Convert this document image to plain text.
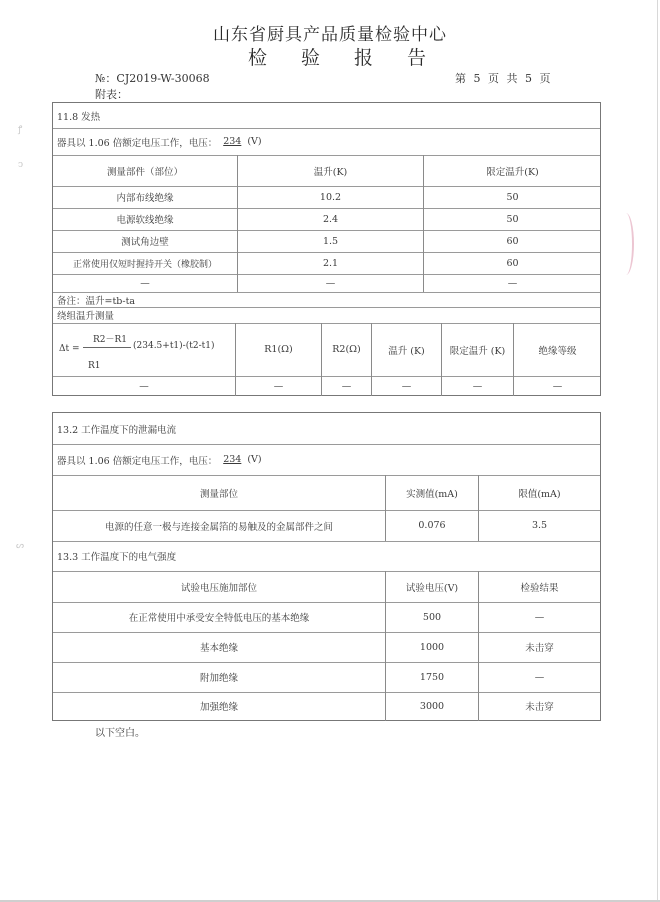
山东省厨具产品质量检验中心
检 验 报 告
№：CJ2019-W-30068	第 5 页 共 5 页
附表：
11.8 发热
器具以 1.06 倍额定电压工作，电压： 234 (V)
测量部件（部位）	温升(K)	限定温升(K)
内部布线绝缘	10.2	50
电源软线绝缘	2.4	50
测试角边壁	1.5	60
正常使用仅短时握持开关（橡胶制）	2.1	60
—	—	—
备注：温升=tb-ta
绕组温升测量
Δt =
R2－R1
(234.5+t1)-(t2-t1)
R1
R1(Ω)	R2(Ω)	温升 (K)	限定温升 (K)	绝缘等级
—	—	—	—	—	—
13.2 工作温度下的泄漏电流
器具以 1.06 倍额定电压工作，电压： 234 (V)
测量部位	实测值(mA)	限值(mA)
电源的任意一极与连接金属箔的易触及的金属部件之间	0.076	3.5
13.3 工作温度下的电气强度
试验电压施加部位	试验电压(V)	检验结果
在正常使用中承受安全特低电压的基本绝缘	500	—
基本绝缘	1000	未击穿
附加绝缘	1750	—
加强绝缘	3000	未击穿
以下空白。
ꝭ
ↄ
ᔕ
